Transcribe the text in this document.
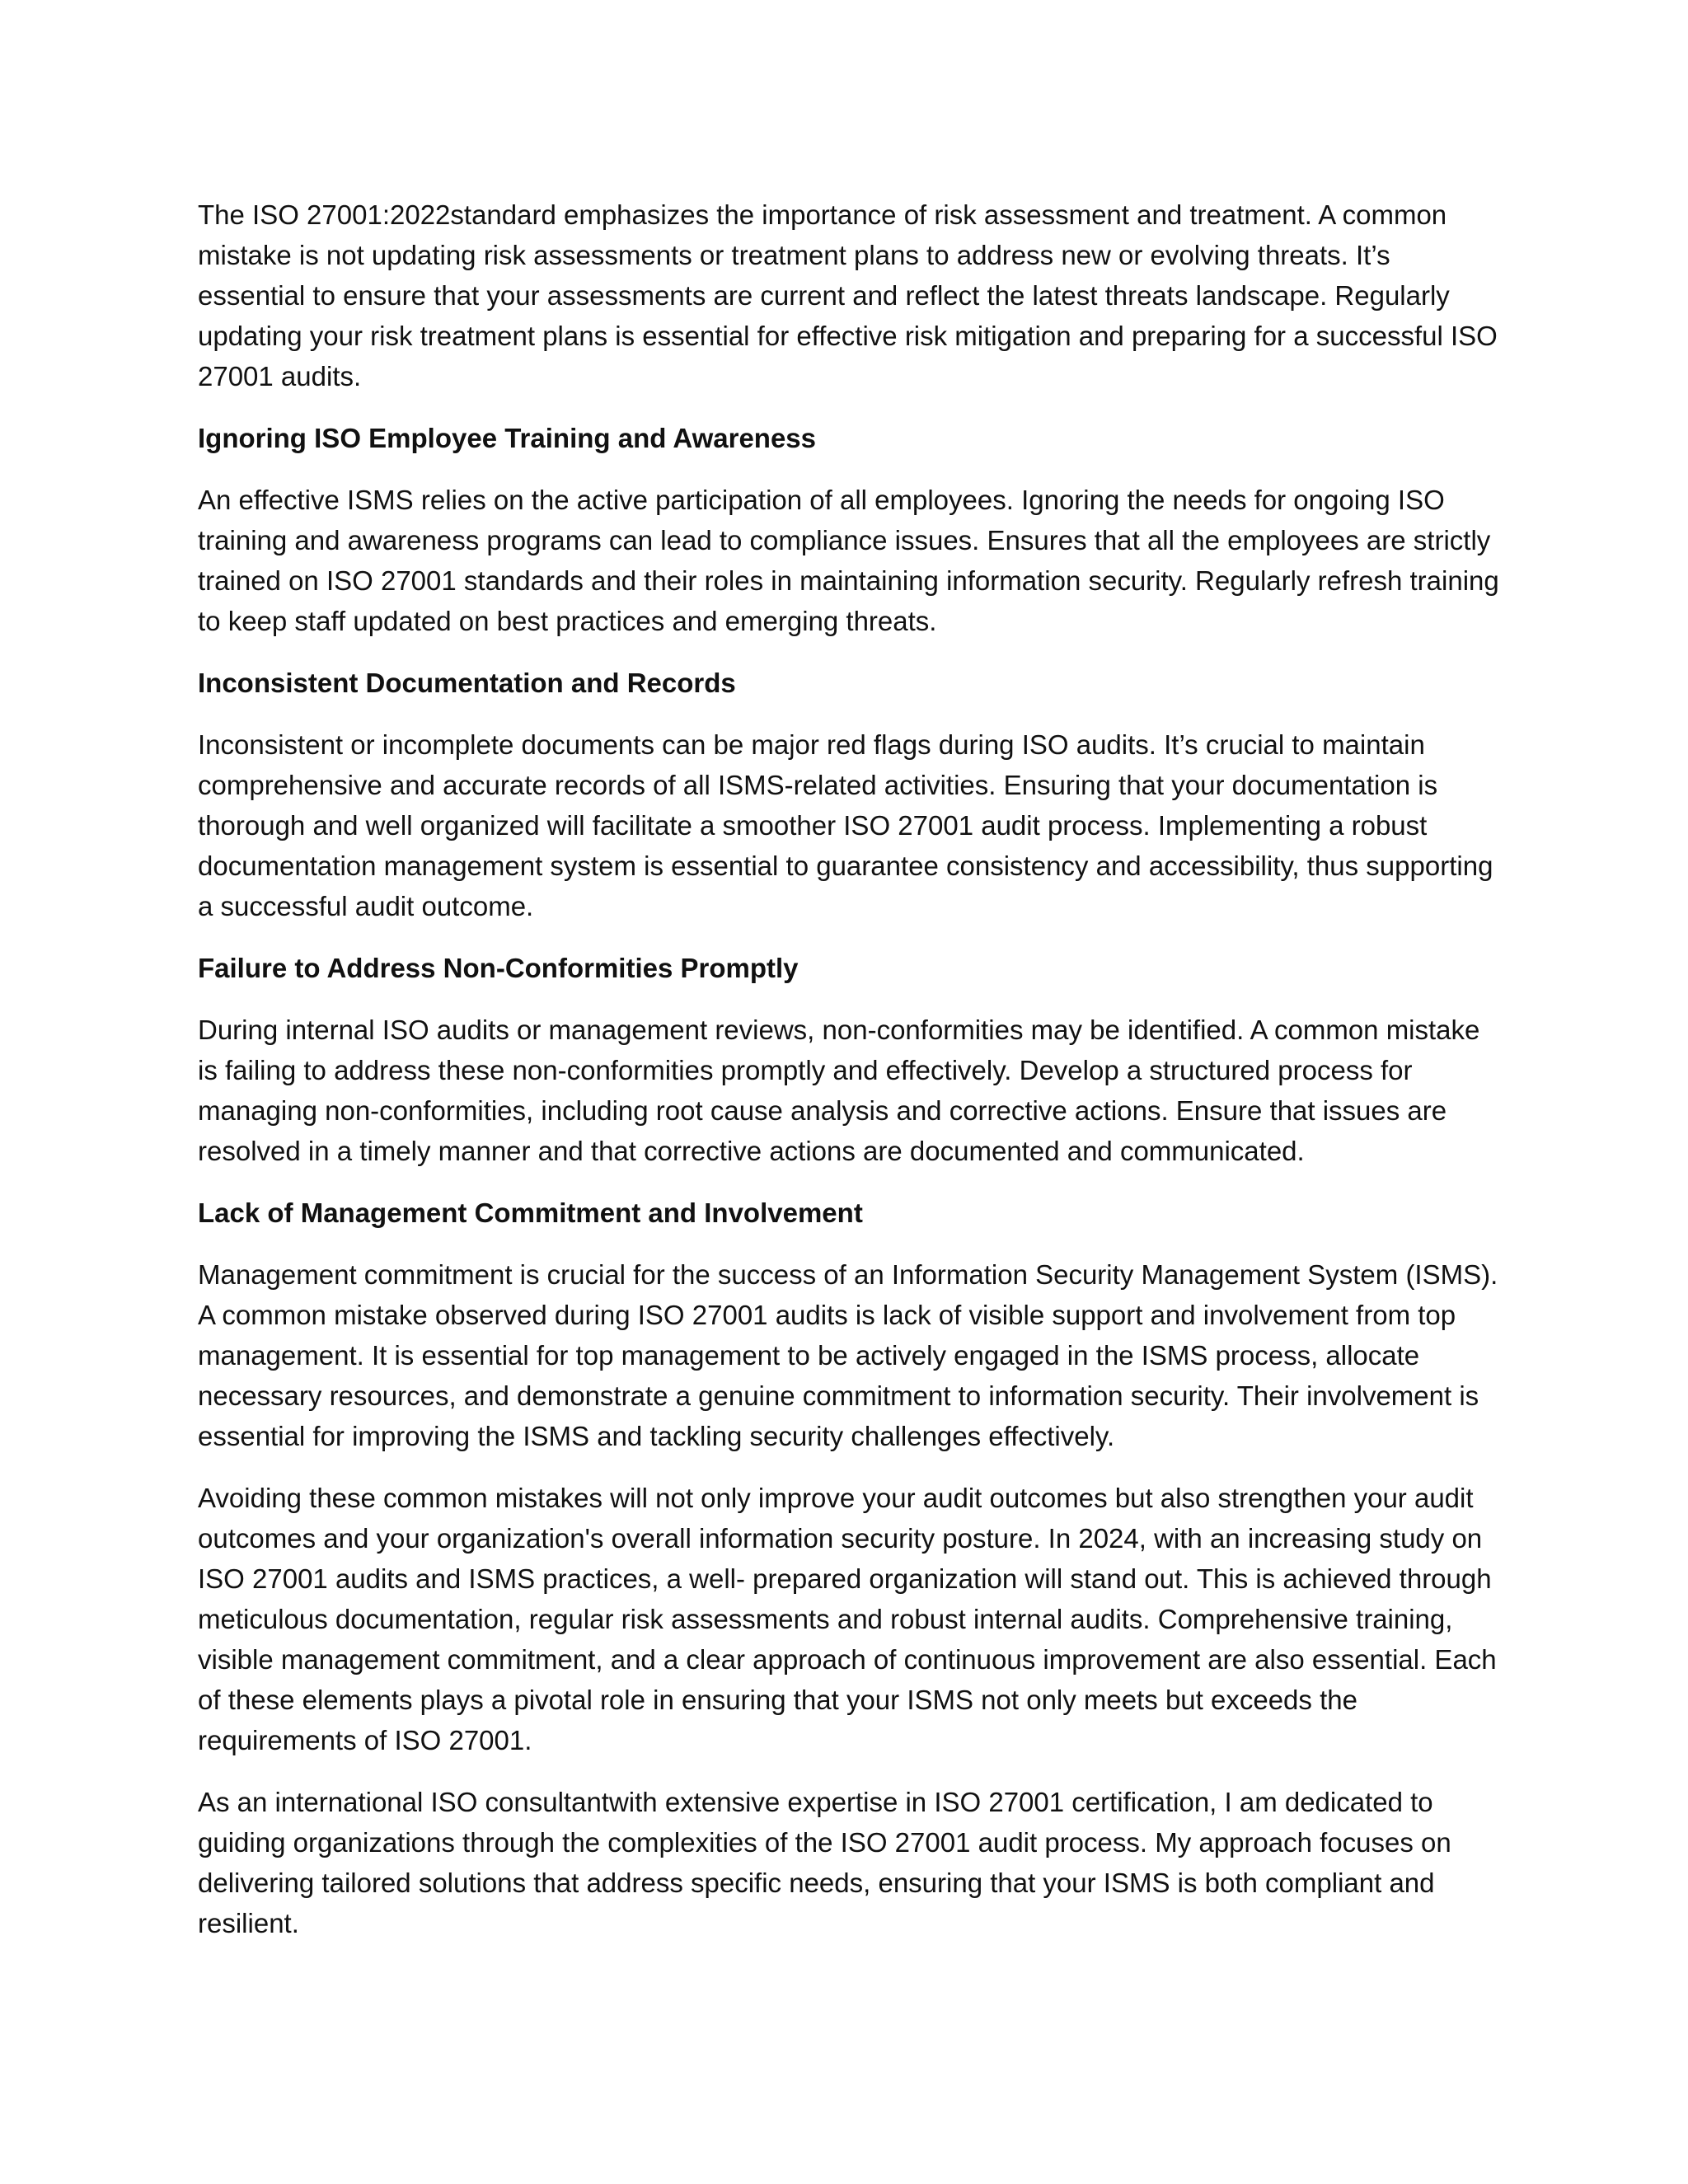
The ISO 27001:2022standard emphasizes the importance of risk assessment and treatment. A common mistake is not updating risk assessments or treatment plans to address new or evolving threats. It’s essential to ensure that your assessments are current and reflect the latest threats landscape. Regularly updating your risk treatment plans is essential for effective risk mitigation and preparing for a successful ISO 27001 audits.

Ignoring ISO Employee Training and Awareness

An effective ISMS relies on the active participation of all employees. Ignoring the needs for ongoing ISO training and awareness programs can lead to compliance issues. Ensures that all the employees are strictly trained on ISO 27001 standards and their roles in maintaining information security. Regularly refresh training to keep staff updated on best practices and emerging threats.

Inconsistent Documentation and Records

Inconsistent or incomplete documents can be major red flags during ISO audits. It’s crucial to maintain comprehensive and accurate records of all ISMS-related activities. Ensuring that your documentation is thorough and well organized will facilitate a smoother ISO 27001 audit process. Implementing a robust documentation management system is essential to guarantee consistency and accessibility, thus supporting a successful audit outcome.

Failure to Address Non-Conformities Promptly

During internal ISO audits or management reviews, non-conformities may be identified. A common mistake is failing to address these non-conformities promptly and effectively. Develop a structured process for managing non-conformities, including root cause analysis and corrective actions. Ensure that issues are resolved in a timely manner and that corrective actions are documented and communicated.

Lack of Management Commitment and Involvement

Management commitment is crucial for the success of an Information Security Management System (ISMS). A common mistake observed during ISO 27001 audits is lack of visible support and involvement from top management. It is essential for top management to be actively engaged in the ISMS process, allocate necessary resources, and demonstrate a genuine commitment to information security. Their involvement is essential for improving the ISMS and tackling security challenges effectively.

Avoiding these common mistakes will not only improve your audit outcomes but also strengthen your audit outcomes and your organization's overall information security posture. In 2024, with an increasing study on ISO 27001 audits and ISMS practices, a well- prepared organization will stand out. This is achieved through meticulous documentation, regular risk assessments and robust internal audits. Comprehensive training, visible management commitment, and a clear approach of continuous improvement are also essential. Each of these elements plays a pivotal role in ensuring that your ISMS not only meets but exceeds the requirements of ISO 27001.

As an international ISO consultantwith extensive expertise in ISO 27001 certification, I am dedicated to guiding organizations through the complexities of the ISO 27001 audit process. My approach focuses on delivering tailored solutions that address specific needs, ensuring that your ISMS is both compliant and resilient.
